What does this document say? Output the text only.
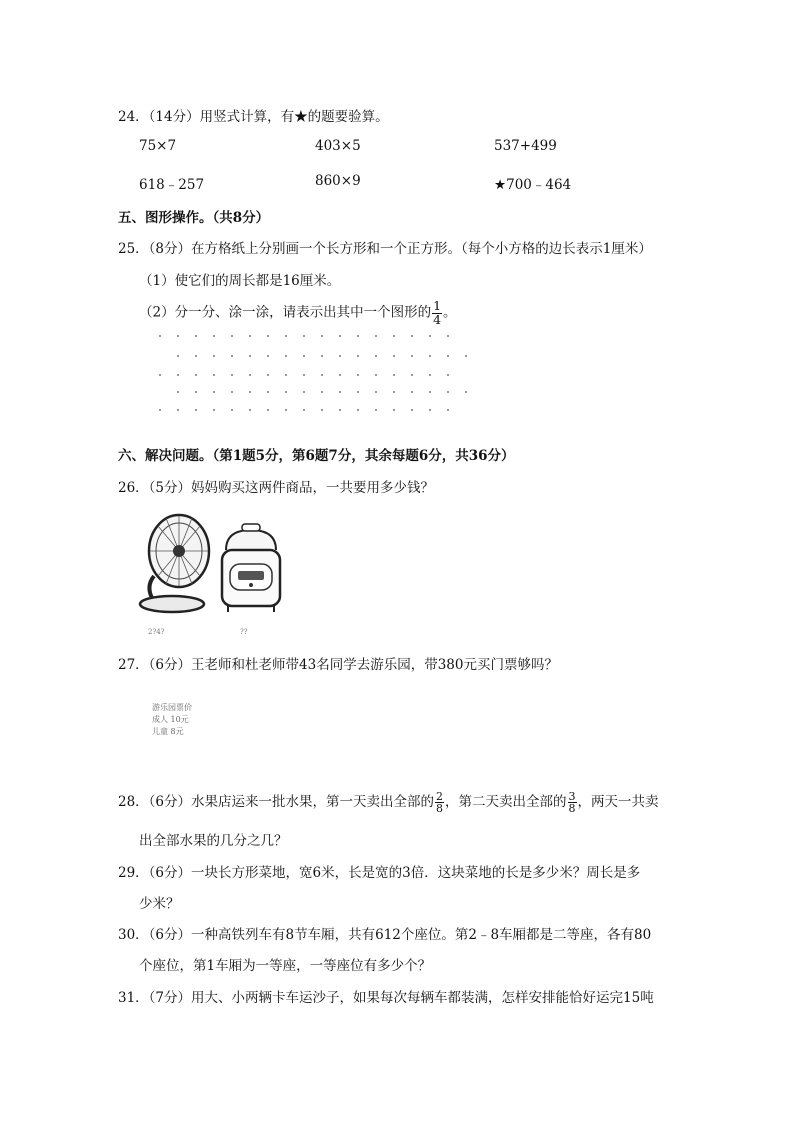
24．（14分）用竖式计算，有★的题要验算。
75×7	403×5	537+499
618﹣257	860×9	★700﹣464
五、图形操作。（共8分）
25．（8分）在方格纸上分别画一个长方形和一个正方形。（每个小方格的边长表示1厘米）
（1）使它们的周长都是16厘米。
（2）分一分、涂一涂，请表示出其中一个图形的 $\frac{1}{4}$ 。
六、解决问题。（第1题5分，第6题7分，其余每题6分，共36分）
26．（5分）妈妈购买这两件商品，一共要用多少钱？
2?4?	??
27．（6分）王老师和杜老师带43名同学去游乐园，带380元买门票够吗？
游乐园票价
成人 10元
儿童 8元
28．（6分）水果店运来一批水果，第一天卖出全部的 $\frac{2}{8}$ ，第二天卖出全部的 $\frac{3}{8}$ ，两天一共卖
出全部水果的几分之几？
29．（6分）一块长方形菜地，宽6米，长是宽的3倍．这块菜地的长是多少米？周长是多
少米？
30．（6分）一种高铁列车有8节车厢，共有612个座位。第2﹣8车厢都是二等座，各有80
个座位，第1车厢为一等座，一等座位有多少个？
31．（7分）用大、小两辆卡车运沙子，如果每次每辆车都装满，怎样安排能恰好运完15吨
